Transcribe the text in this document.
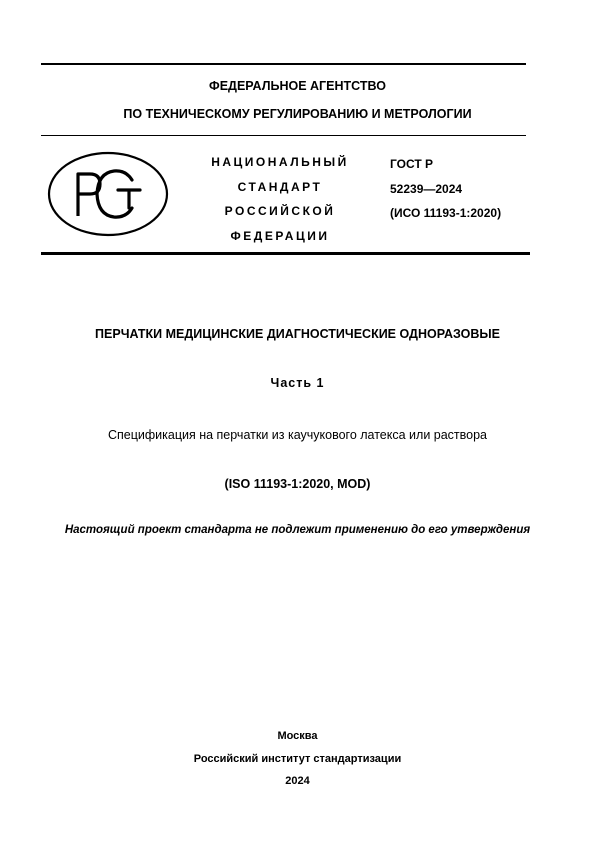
ФЕДЕРАЛЬНОЕ АГЕНТСТВО
ПО ТЕХНИЧЕСКОМУ РЕГУЛИРОВАНИЮ И МЕТРОЛОГИИ
НАЦИОНАЛЬНЫЙ
СТАНДАРТ
РОССИЙСКОЙ
ФЕДЕРАЦИИ
ГОСТ Р
52239—2024
(ИСО 11193-1:2020)
ПЕРЧАТКИ МЕДИЦИНСКИЕ ДИАГНОСТИЧЕСКИЕ ОДНОРАЗОВЫЕ
Часть 1
Спецификация на перчатки из каучукового латекса или раствора
(ISO 11193-1:2020, MOD)
Настоящий проект стандарта не подлежит применению до его утверждения
Москва
Российский институт стандартизации
2024
